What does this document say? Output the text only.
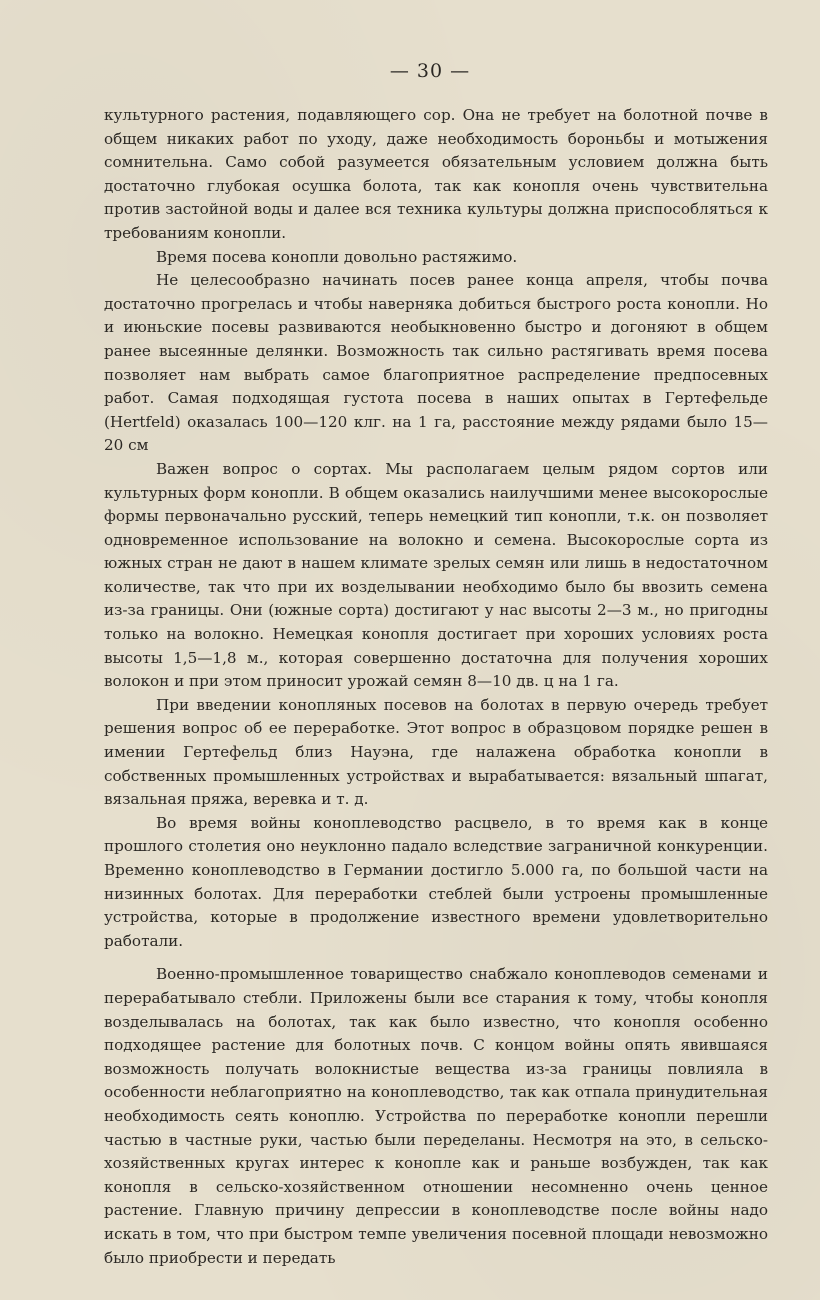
— 30 —

культурного растения, подавляющего сор. Она не требует на болотной почве в общем никаких работ по уходу, даже необходимость бороньбы и мотыжения сомнительна. Само собой разумеется обязательным условием должна быть достаточно глубокая осушка болота, так как конопля очень чувствительна против застойной воды и далее вся техника культуры должна приспособляться к требованиям конопли.

Время посева конопли довольно растяжимо.

Не целесообразно начинать посев ранее конца апреля, чтобы почва достаточно прогрелась и чтобы наверняка добиться быстрого роста конопли. Но и июньские посевы развиваются необыкновенно быстро и догоняют в общем ранее высеянные делянки. Возможность так сильно растягивать время посева позволяет нам выбрать самое благоприятное распределение предпосевных работ. Самая подходящая густота посева в наших опытах в Гертефельде (Hertfeld) оказалась 100—120 клг. на 1 га, расстояние между рядами было 15—20 см

Важен вопрос о сортах. Мы располагаем целым рядом сортов или культурных форм конопли. В общем оказались наилучшими менее высокорослые формы первоначально русский, теперь немецкий тип конопли, т.к. он позволяет одновременное использование на волокно и семена. Высокорослые сорта из южных стран не дают в нашем климате зрелых семян или лишь в недостаточном количестве, так что при их возделывании необходимо было бы ввозить семена из-за границы. Они (южные сорта) достигают у нас высоты 2—3 м., но пригодны только на волокно. Немецкая конопля достигает при хороших условиях роста высоты 1,5—1,8 м., которая совершенно достаточна для получения хороших волокон и при этом приносит урожай семян 8—10 дв. ц на 1 га.

При введении конопляных посевов на болотах в первую очередь требует решения вопрос об ее переработке. Этот вопрос в образцовом порядке решен в имении Гертефельд близ Науэна, где налажена обработка конопли в собственных промышленных устройствах и вырабатывается: вязальный шпагат, вязальная пряжа, веревка и т. д.

Во время войны коноплеводство расцвело, в то время как в конце прошлого столетия оно неуклонно падало вследствие заграничной конкуренции. Временно коноплеводство в Германии достигло 5.000 га, по большой части на низинных болотах. Для переработки стеблей были устроены промышленные устройства, которые в продолжение известного времени удовлетворительно работали.

Военно-промышленное товарищество снабжало коноплеводов семенами и перерабатывало стебли. Приложены были все старания к тому, чтобы конопля возделывалась на болотах, так как было известно, что конопля особенно подходящее растение для болотных почв. С концом войны опять явившаяся возможность получать волокнистые вещества из-за границы повлияла в особенности неблагоприятно на коноплеводство, так как отпала принудительная необходимость сеять коноплю. Устройства по переработке конопли перешли частью в частные руки, частью были переделаны. Несмотря на это, в сельско-хозяйственных кругах интерес к конопле как и раньше возбужден, так как конопля в сельско-хозяйственном отношении несомненно очень ценное растение. Главную причину депрессии в коноплеводстве после войны надо искать в том, что при быстром темпе увеличения посевной площади невозможно было приобрести и передать
